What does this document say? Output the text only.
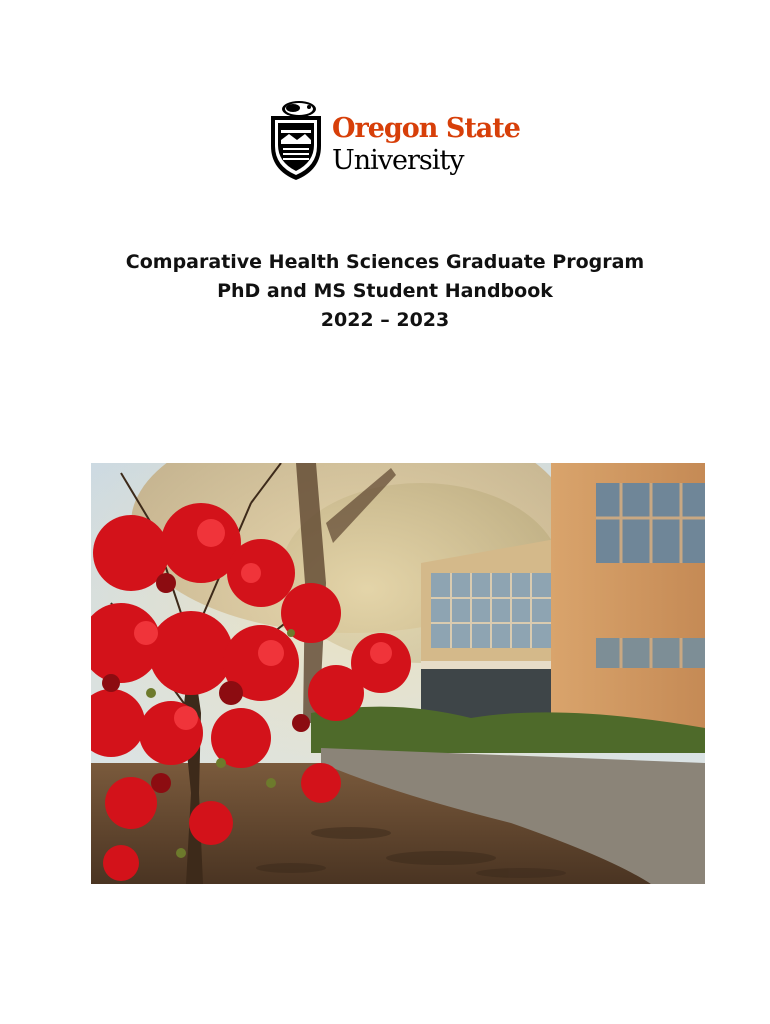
Oregon State
University
Comparative Health Sciences Graduate Program
PhD and MS Student Handbook
2022 – 2023
